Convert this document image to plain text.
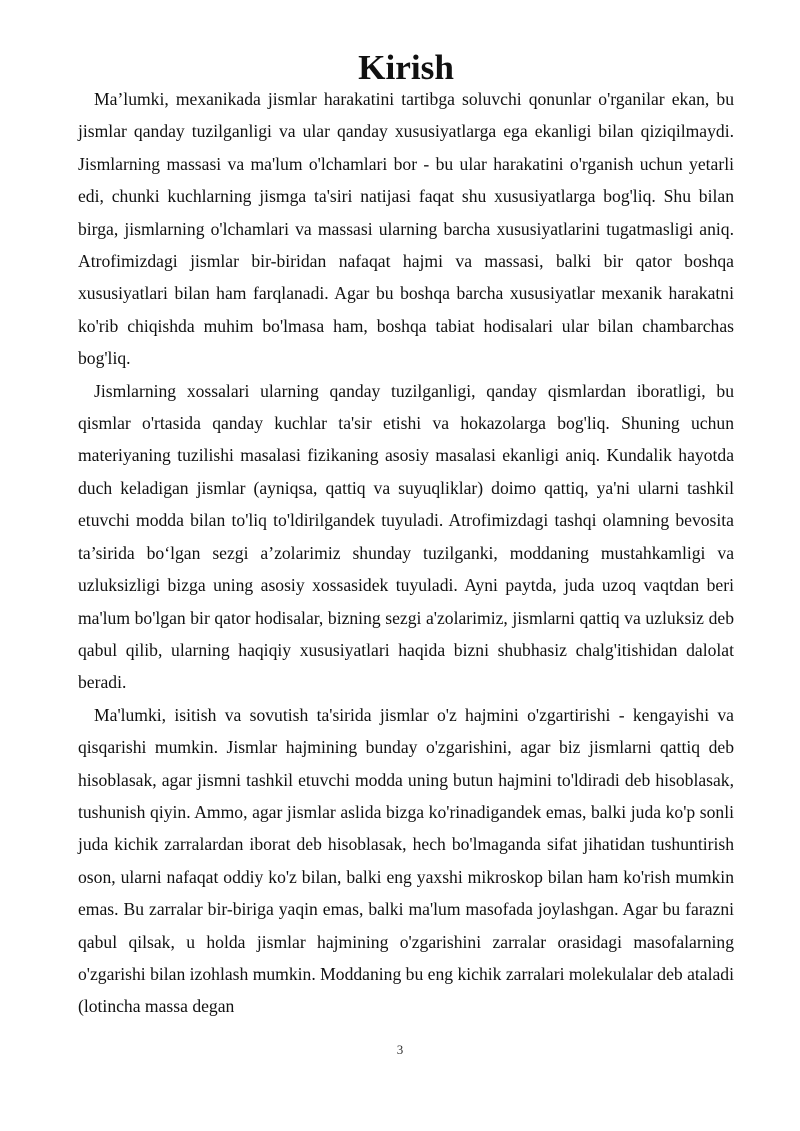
Kirish

Ma’lumki, mexanikada jismlar harakatini tartibga soluvchi qonunlar o'rganilar ekan, bu jismlar qanday tuzilganligi va ular qanday xususiyatlarga ega ekanligi bilan qiziqilmaydi. Jismlarning massasi va ma'lum o'lchamlari bor - bu ular harakatini o'rganish uchun yetarli edi, chunki kuchlarning jismga ta'siri natijasi faqat shu xususiyatlarga bog'liq. Shu bilan birga, jismlarning o'lchamlari va massasi ularning barcha xususiyatlarini tugatmasligi aniq. Atrofimizdagi jismlar bir-biridan nafaqat hajmi va massasi, balki bir qator boshqa xususiyatlari bilan ham farqlanadi. Agar bu boshqa barcha xususiyatlar mexanik harakatni ko'rib chiqishda muhim bo'lmasa ham, boshqa tabiat hodisalari ular bilan chambarchas bog'liq.

Jismlarning xossalari ularning qanday tuzilganligi, qanday qismlardan iboratligi, bu qismlar o'rtasida qanday kuchlar ta'sir etishi va hokazolarga bog'liq. Shuning uchun materiyaning tuzilishi masalasi fizikaning asosiy masalasi ekanligi aniq. Kundalik hayotda duch keladigan jismlar (ayniqsa, qattiq va suyuqliklar) doimo qattiq, ya'ni ularni tashkil etuvchi modda bilan to'liq to'ldirilgandek tuyuladi. Atrofimizdagi tashqi olamning bevosita ta’sirida bo‘lgan sezgi a’zolarimiz shunday tuzilganki, moddaning mustahkamligi va uzluksizligi bizga uning asosiy xossasidek tuyuladi. Ayni paytda, juda uzoq vaqtdan beri ma'lum bo'lgan bir qator hodisalar, bizning sezgi a'zolarimiz, jismlarni qattiq va uzluksiz deb qabul qilib, ularning haqiqiy xususiyatlari haqida bizni shubhasiz chalg'itishidan dalolat beradi.

Ma'lumki, isitish va sovutish ta'sirida jismlar o'z hajmini o'zgartirishi - kengayishi va qisqarishi mumkin. Jismlar hajmining bunday o'zgarishini, agar biz jismlarni qattiq deb hisoblasak, agar jismni tashkil etuvchi modda uning butun hajmini to'ldiradi deb hisoblasak, tushunish qiyin. Ammo, agar jismlar aslida bizga ko'rinadigandek emas, balki juda ko'p sonli juda kichik zarralardan iborat deb hisoblasak, hech bo'lmaganda sifat jihatidan tushuntirish oson, ularni nafaqat oddiy ko'z bilan, balki eng yaxshi mikroskop bilan ham ko'rish mumkin emas. Bu zarralar bir-biriga yaqin emas, balki ma'lum masofada joylashgan. Agar bu farazni qabul qilsak, u holda jismlar hajmining o'zgarishini zarralar orasidagi masofalarning o'zgarishi bilan izohlash mumkin. Moddaning bu eng kichik zarralari molekulalar deb ataladi (lotincha massa degan

3
